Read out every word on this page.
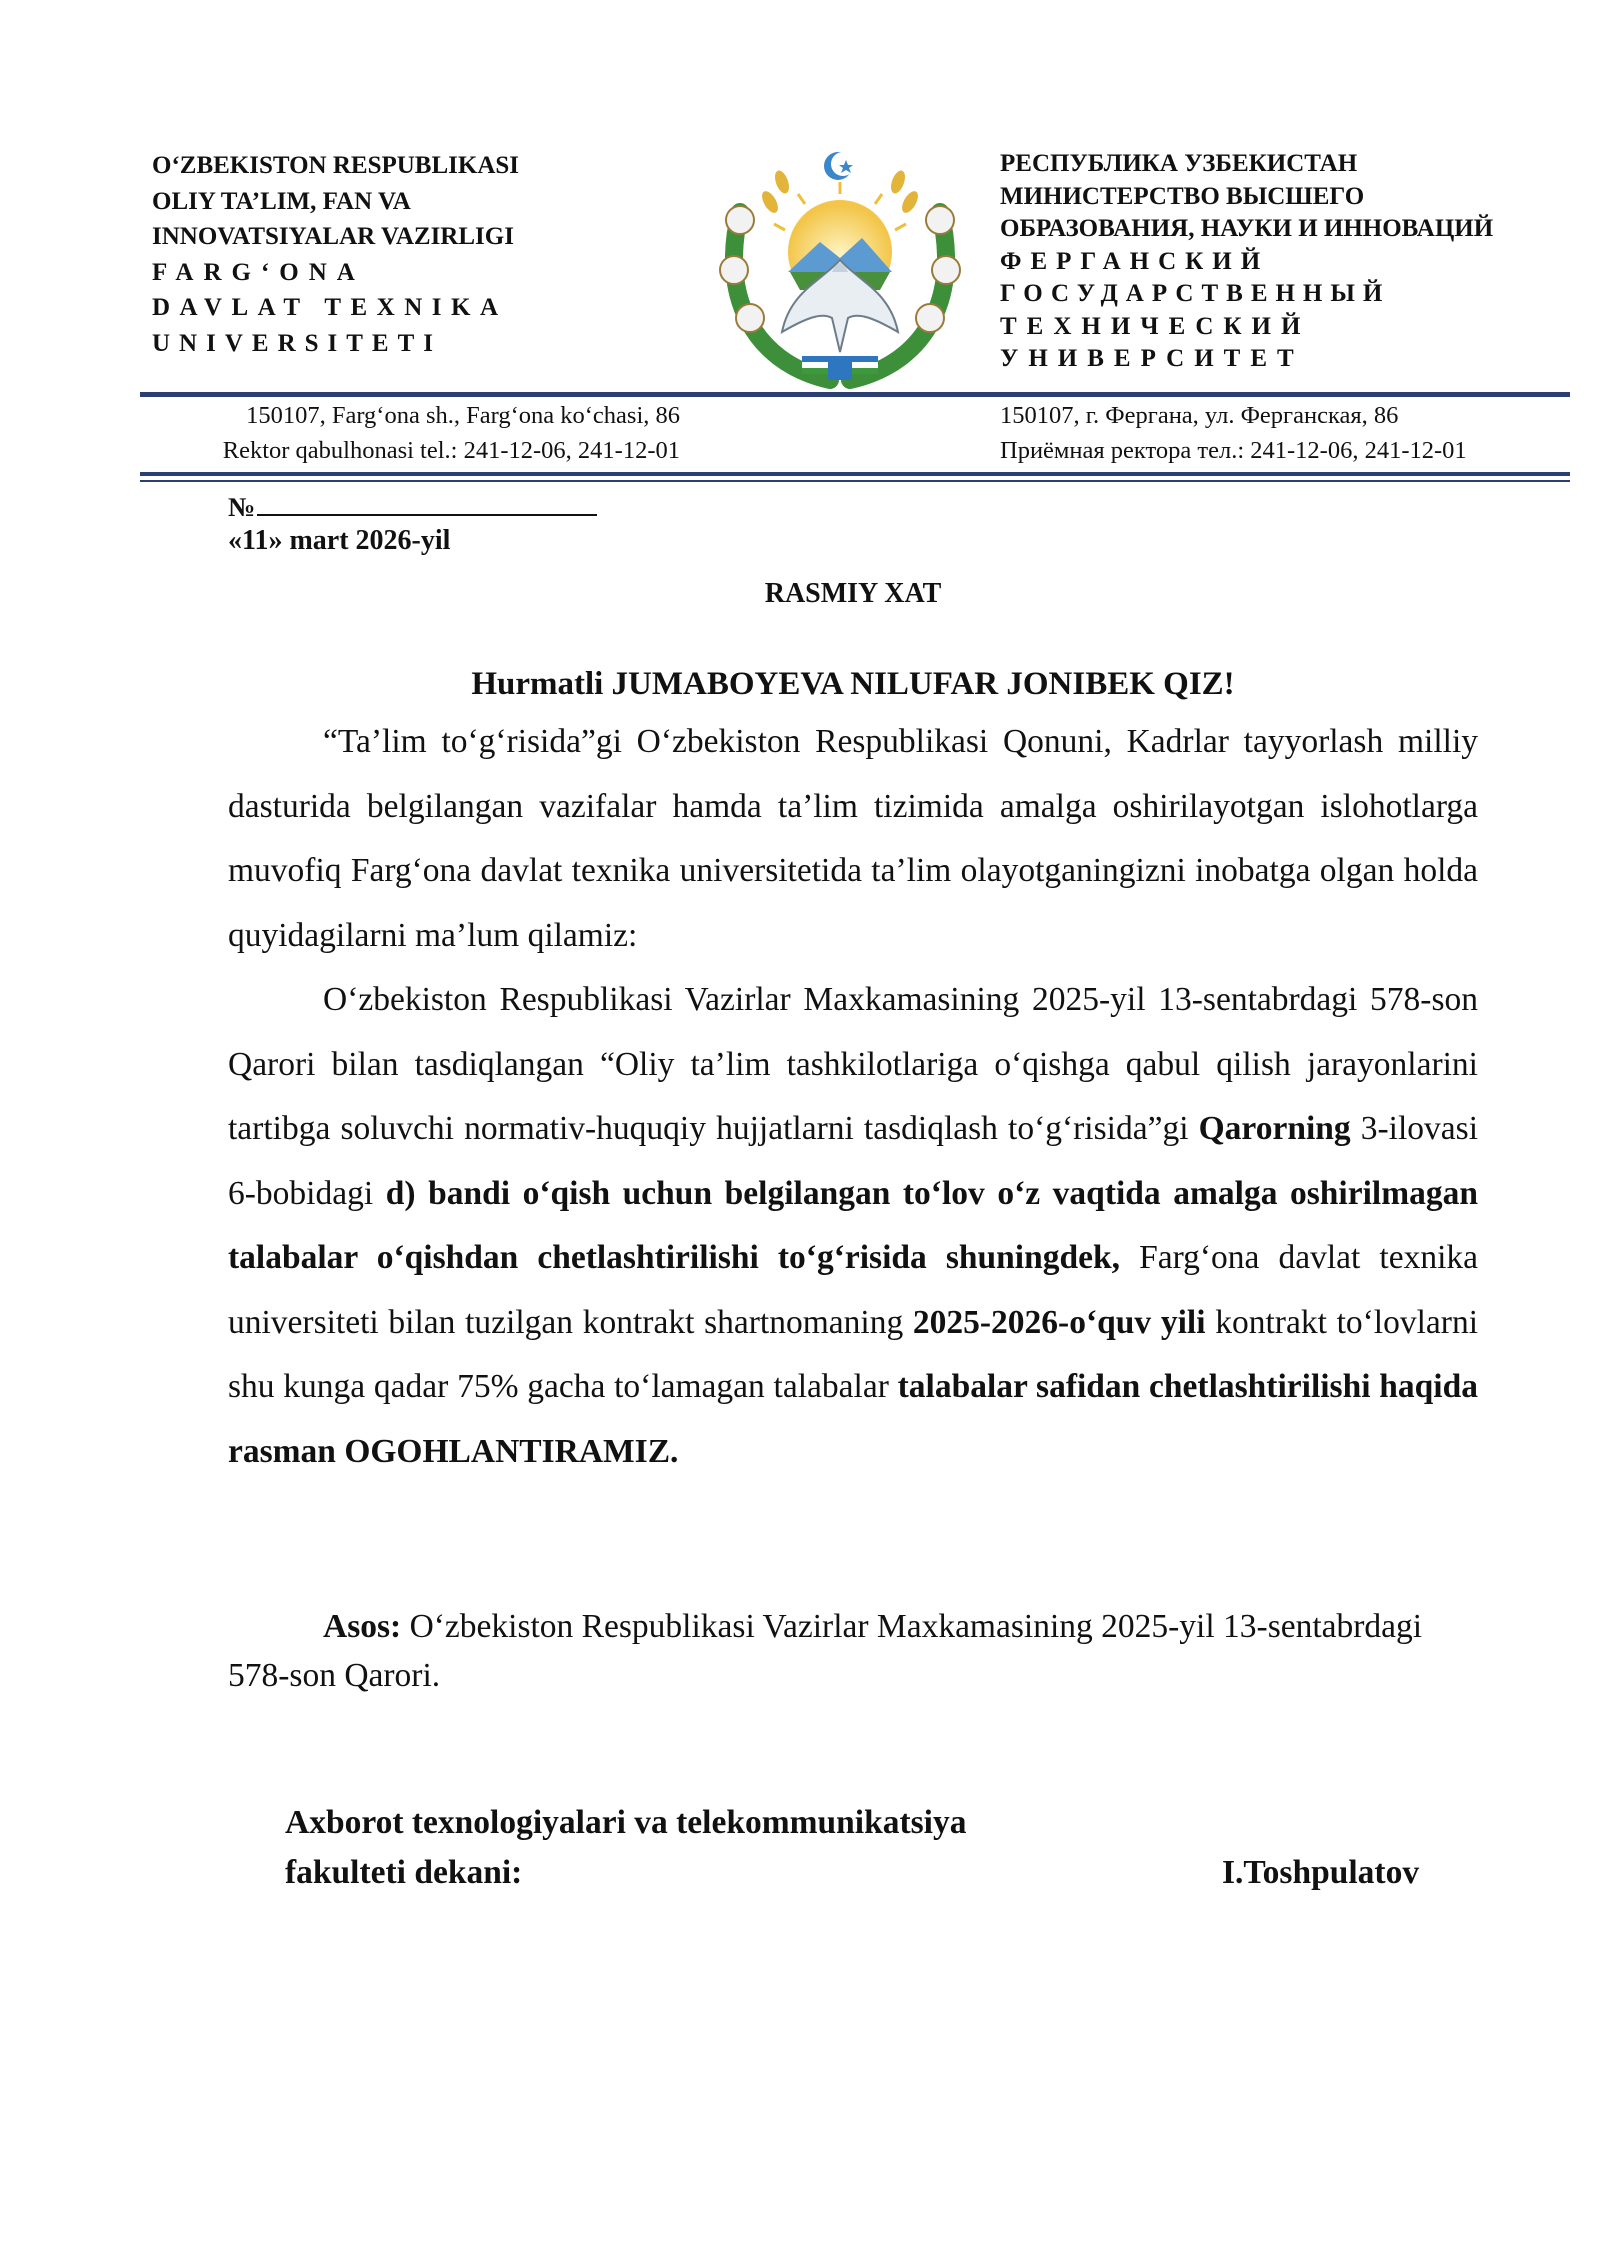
O‘ZBEKISTON RESPUBLIKASI
OLIY TA’LIM, FAN VA
INNOVATSIYALAR VAZIRLIGI
FARG‘ONA
DAVLAT TEXNIKA
UNIVERSITETI
РЕСПУБЛИКА УЗБЕКИСТАН
МИНИСТЕРСТВО ВЫСШЕГО
ОБРАЗОВАНИЯ, НАУКИ И ИННОВАЦИЙ
ФЕРГАНСКИЙ
ГОСУДАРСТВЕННЫЙ
ТЕХНИЧЕСКИЙ
УНИВЕРСИТЕТ
150107, Farg‘ona sh., Farg‘ona ko‘chasi, 86
Rektor qabulhonasi tel.: 241-12-06, 241-12-01
150107, г. Фергана, ул. Ферганская, 86
Приёмная ректора тел.: 241-12-06, 241-12-01
№
«11» mart 2026-yil
RASMIY XAT
Hurmatli JUMABOYEVA NILUFAR JONIBEK QIZ!

“Ta’lim to‘g‘risida”gi O‘zbekiston Respublikasi Qonuni, Kadrlar tayyorlash milliy dasturida belgilangan vazifalar hamda ta’lim tizimida amalga oshirilayotgan islohotlarga muvofiq Farg‘ona davlat texnika universitetida ta’lim olayotganingizni inobatga olgan holda quyidagilarni ma’lum qilamiz:

O‘zbekiston Respublikasi Vazirlar Maxkamasining 2025-yil 13-sentabrdagi 578-son Qarori bilan tasdiqlangan “Oliy ta’lim tashkilotlariga o‘qishga qabul qilish jarayonlarini tartibga soluvchi normativ-huquqiy hujjatlarni tasdiqlash to‘g‘risida”gi Qarorning 3-ilovasi 6-bobidagi d) bandi o‘qish uchun belgilangan to‘lov o‘z vaqtida amalga oshirilmagan talabalar o‘qishdan chetlashtirilishi to‘g‘risida shuningdek, Farg‘ona davlat texnika universiteti bilan tuzilgan kontrakt shartnomaning 2025-2026-o‘quv yili kontrakt to‘lovlarni shu kunga qadar 75% gacha to‘lamagan talabalar talabalar safidan chetlashtirilishi haqida rasman OGOHLANTIRAMIZ.

Asos: O‘zbekiston Respublikasi Vazirlar Maxkamasining 2025-yil 13-sentabrdagi 578-son Qarori.

Axborot texnologiyalari va telekommunikatsiya
fakulteti dekani:	I.Toshpulatov
